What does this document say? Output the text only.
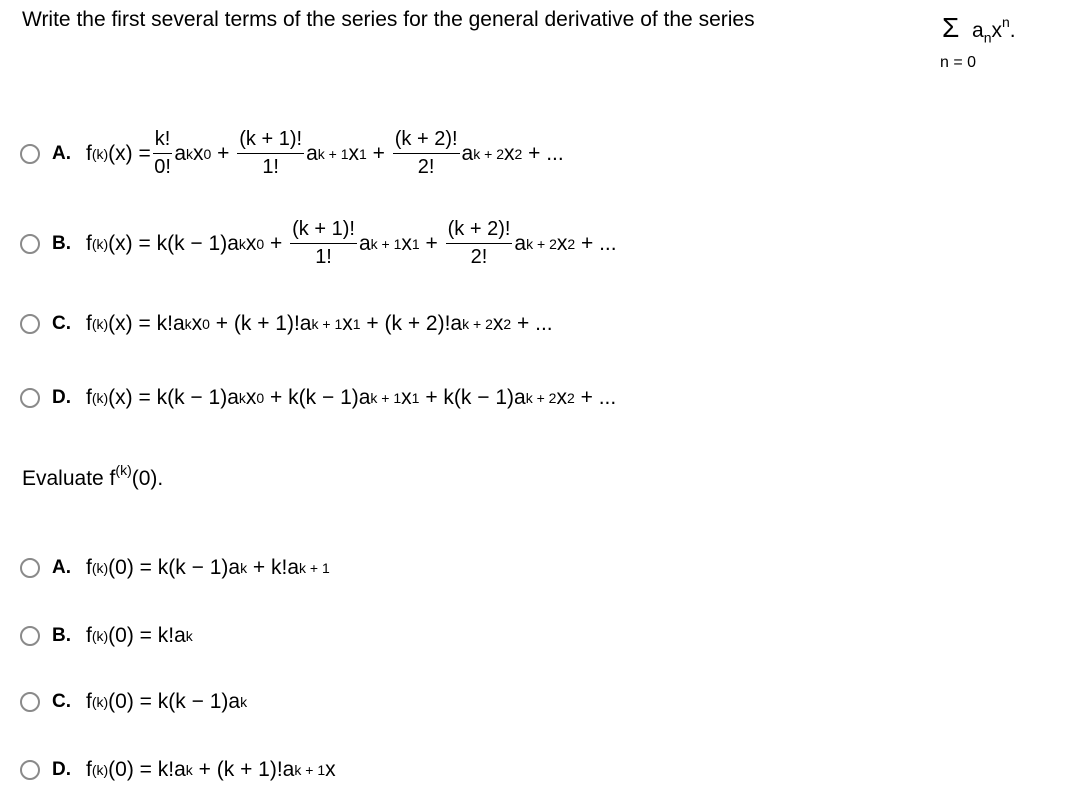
Write the first several terms of the series for the general derivative of the series	Σ $a_nx^n$.
n = 0
A. f (k) $(x) = \frac{k!}{0!}$ a k x 0
+
$\frac{(k + 1)!}{1!}$ a k + 1 x 1
+
$\frac{(k + 2)!}{2!}$ a k + 2 x 2
+ ...
B. f (k) (x) =
k(k − 1)a k x 0
+
$\frac{(k + 1)!}{1!}$ a k + 1 x 1
+
$\frac{(k + 2)!}{2!}$ a k + 2 x 2
+ ...
C. f (k) (x) =
k!a k x 0
+
(k + 1)!a k + 1 x 1
+
(k + 2)!a k + 2 x 2
+ ...
D. f (k) (x) =
k(k − 1)a k x 0
+
k(k − 1)a k + 1 x 1
+
k(k − 1)a k + 2 x 2
+ ...
Evaluate $f^{(k)}(0)$.
A. f (k) (0) =
k(k − 1)a k
+
k!a k + 1
B. f (k) (0) =
k!a k
C. f (k) (0) =
k(k − 1)a k
D. f (k) (0) =
k!a k
+
(k + 1)!a k + 1 x
